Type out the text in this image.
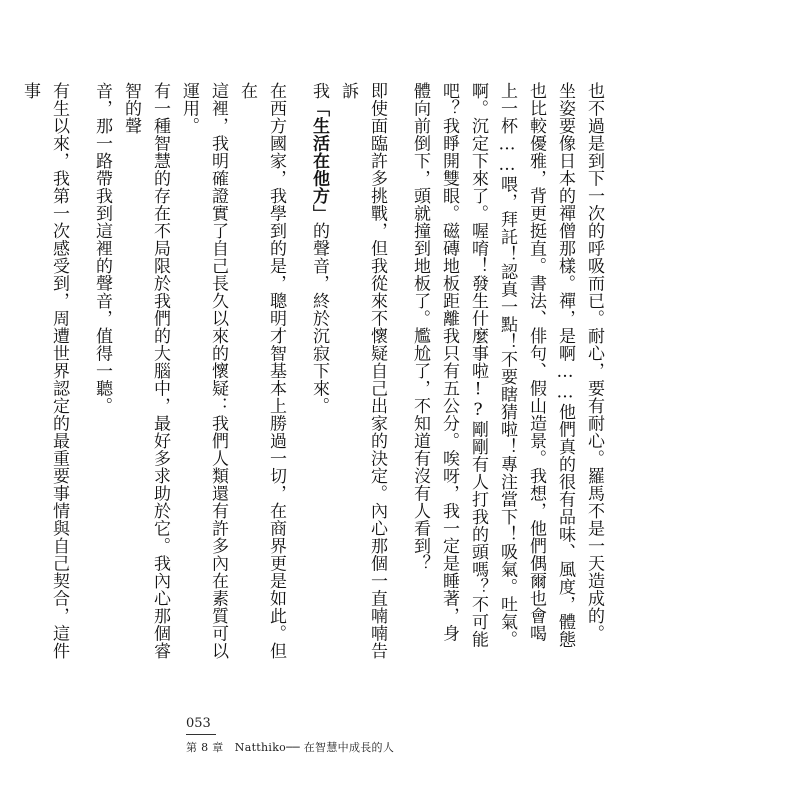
也不過是到下一次的呼吸而已。耐心，要有耐心。羅馬不是一天造成的。

坐姿要像日本的禪僧那樣。禪，是啊……他們真的很有品味、風度，體態

也比較優雅，背更挺直。書法、俳句、假山造景。我想，他們偶爾也會喝

上一杯……喂，拜託！認真一點！不要瞎猜啦！專注當下！吸氣。吐氣。

啊。沉定下來了。喔唷！發生什麼事啦!?剛剛有人打我的頭嗎？不可能

吧？我睜開雙眼。磁磚地板距離我只有五公分。唉呀，我一定是睡著，身

體向前倒下，頭就撞到地板了。尷尬了，不知道有沒有人看到？

即使面臨許多挑戰，但我從來不懷疑自己出家的決定。內心那個一直喃喃告訴

我「生活在他方」的聲音，終於沉寂下來。

在西方國家，我學到的是，聰明才智基本上勝過一切，在商界更是如此。但在

這裡，我明確證實了自己長久以來的懷疑：我們人類還有許多內在素質可以運用。

有一種智慧的存在不局限於我們的大腦中，最好多求助於它。我內心那個睿智的聲

音，那一路帶我到這裡的聲音，值得一聽。

有生以來，我第一次感受到，周遭世界認定的最重要事情與自己契合，這件事

053
第 8 章　Natthiko── 在智慧中成長的人
